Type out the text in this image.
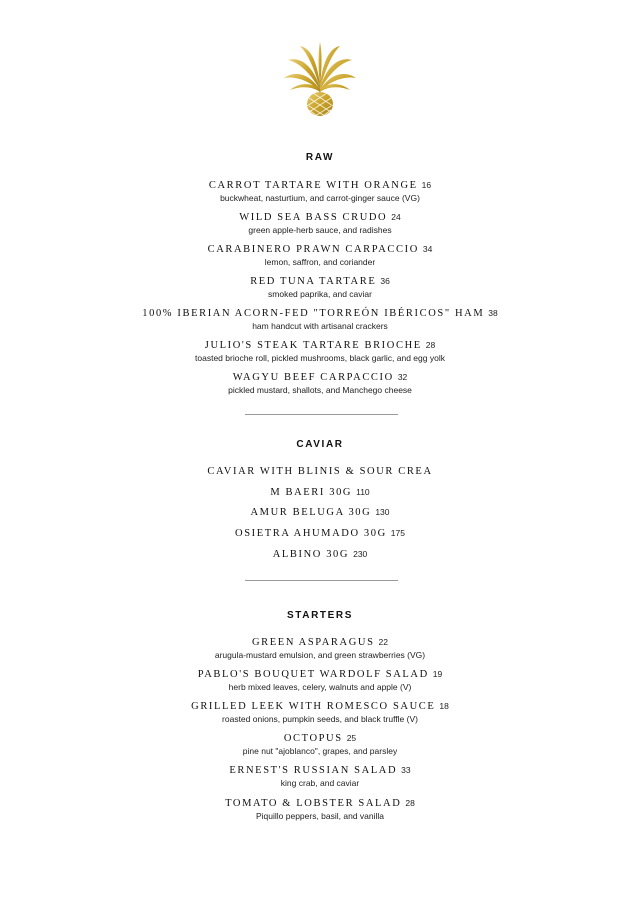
RAW
CARROT TARTARE WITH ORANGE 16
buckwheat, nasturtium, and carrot-ginger sauce (VG)
WILD SEA BASS CRUDO 24
green apple-herb sauce, and radishes
CARABINERO PRAWN CARPACCIO 34
lemon, saffron, and coriander
RED TUNA TARTARE 36
smoked paprika, and caviar
100% IBERIAN ACORN-FED "TORREÓN IBÉRICOS" HAM 38
ham handcut with artisanal crackers
JULIO'S STEAK TARTARE BRIOCHE 28
toasted brioche roll, pickled mushrooms, black garlic, and egg yolk
WAGYU BEEF CARPACCIO 32
pickled mustard, shallots, and Manchego cheese
CAVIAR
CAVIAR WITH BLINIS & SOUR CREA
M BAERI 30G 110
AMUR BELUGA 30G 130
OSIETRA AHUMADO 30G 175
ALBINO 30G 230
STARTERS
GREEN ASPARAGUS 22
arugula-mustard emulsion, and green strawberries (VG)
PABLO'S BOUQUET WARDOLF SALAD 19
herb mixed leaves, celery, walnuts and apple (V)
GRILLED LEEK WITH ROMESCO SAUCE 18
roasted onions, pumpkin seeds, and black truffle (V)
OCTOPUS 25
pine nut "ajoblanco", grapes, and parsley
ERNEST'S RUSSIAN SALAD 33
king crab, and caviar
TOMATO & LOBSTER SALAD 28
Piquillo peppers, basil, and vanilla
